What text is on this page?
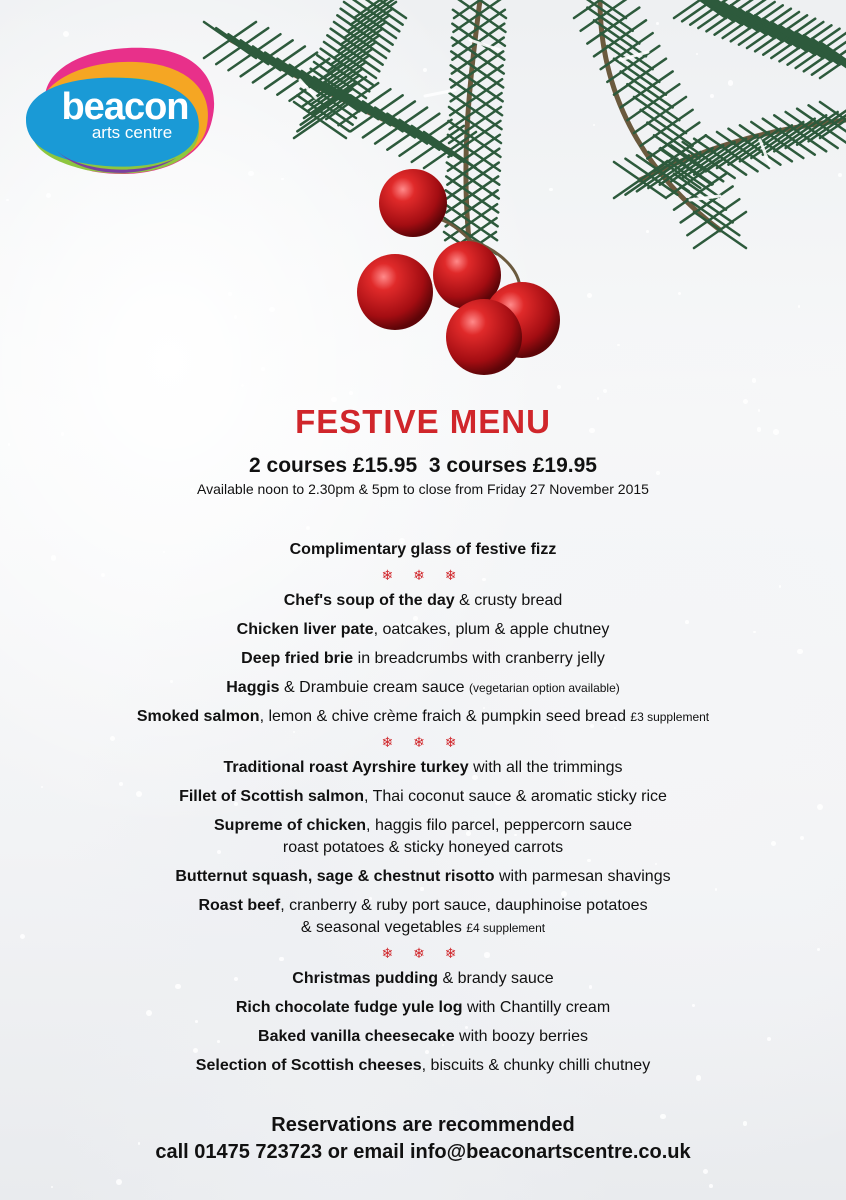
beacon
arts centre
FESTIVE MENU
2 courses £15.95  3 courses £19.95
Available noon to 2.30pm & 5pm to close from Friday 27 November 2015
Complimentary glass of festive fizz
❄ ❄ ❄
Chef's soup of the day & crusty bread
Chicken liver pate, oatcakes, plum & apple chutney
Deep fried brie in breadcrumbs with cranberry jelly
Haggis & Drambuie cream sauce (vegetarian option available)
Smoked salmon, lemon & chive crème fraich & pumpkin seed bread £3 supplement
❄ ❄ ❄
Traditional roast Ayrshire turkey with all the trimmings
Fillet of Scottish salmon, Thai coconut sauce & aromatic sticky rice
Supreme of chicken, haggis filo parcel, peppercorn sauce
roast potatoes & sticky honeyed carrots
Butternut squash, sage & chestnut risotto with parmesan shavings
Roast beef, cranberry & ruby port sauce, dauphinoise potatoes
& seasonal vegetables £4 supplement
❄ ❄ ❄
Christmas pudding & brandy sauce
Rich chocolate fudge yule log with Chantilly cream
Baked vanilla cheesecake with boozy berries
Selection of Scottish cheeses, biscuits & chunky chilli chutney
Reservations are recommended
call 01475 723723 or email info@beaconartscentre.co.uk
